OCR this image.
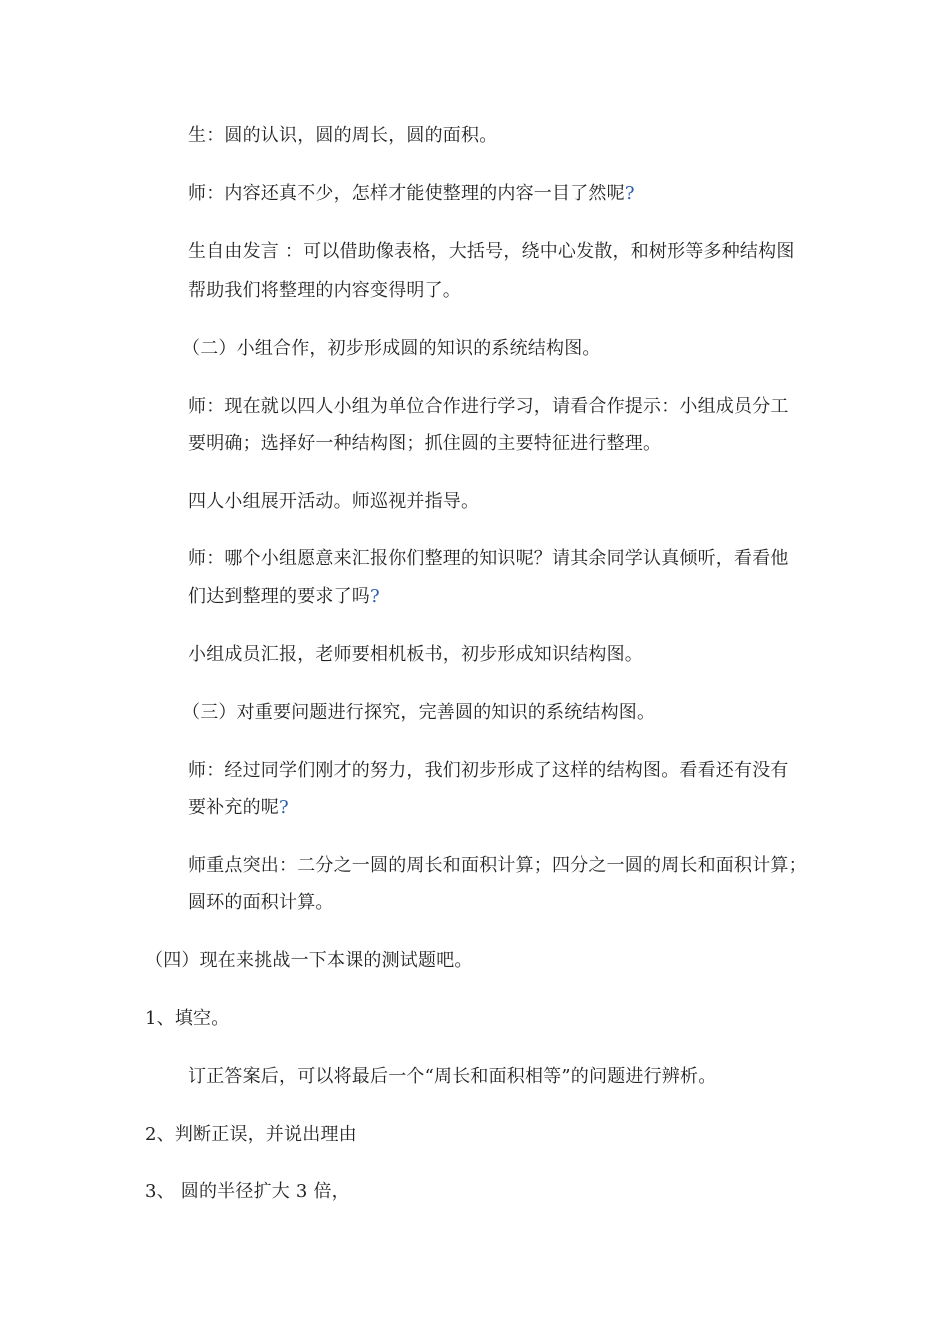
生：圆的认识，圆的周长，圆的面积。
师：内容还真不少，怎样才能使整理的内容一目了然呢?
生自由发言 ：可以借助像表格，大括号，绕中心发散，和树形等多种结构图
帮助我们将整理的内容变得明了。
（二）小组合作，初步形成圆的知识的系统结构图。
师：现在就以四人小组为单位合作进行学习，请看合作提示：小组成员分工
要明确；选择好一种结构图；抓住圆的主要特征进行整理。
四人小组展开活动。师巡视并指导。
师：哪个小组愿意来汇报你们整理的知识呢？请其余同学认真倾听，看看他
们达到整理的要求了吗?
小组成员汇报，老师要相机板书，初步形成知识结构图。
（三）对重要问题进行探究，完善圆的知识的系统结构图。
师：经过同学们刚才的努力，我们初步形成了这样的结构图。看看还有没有
要补充的呢?
师重点突出：二分之一圆的周长和面积计算；四分之一圆的周长和面积计算；
圆环的面积计算。
（四）现在来挑战一下本课的测试题吧。
1、填空。
订正答案后，可以将最后一个“周长和面积相等”的问题进行辨析。
2、判断正误，并说出理由
3、 圆的半径扩大 3 倍，
